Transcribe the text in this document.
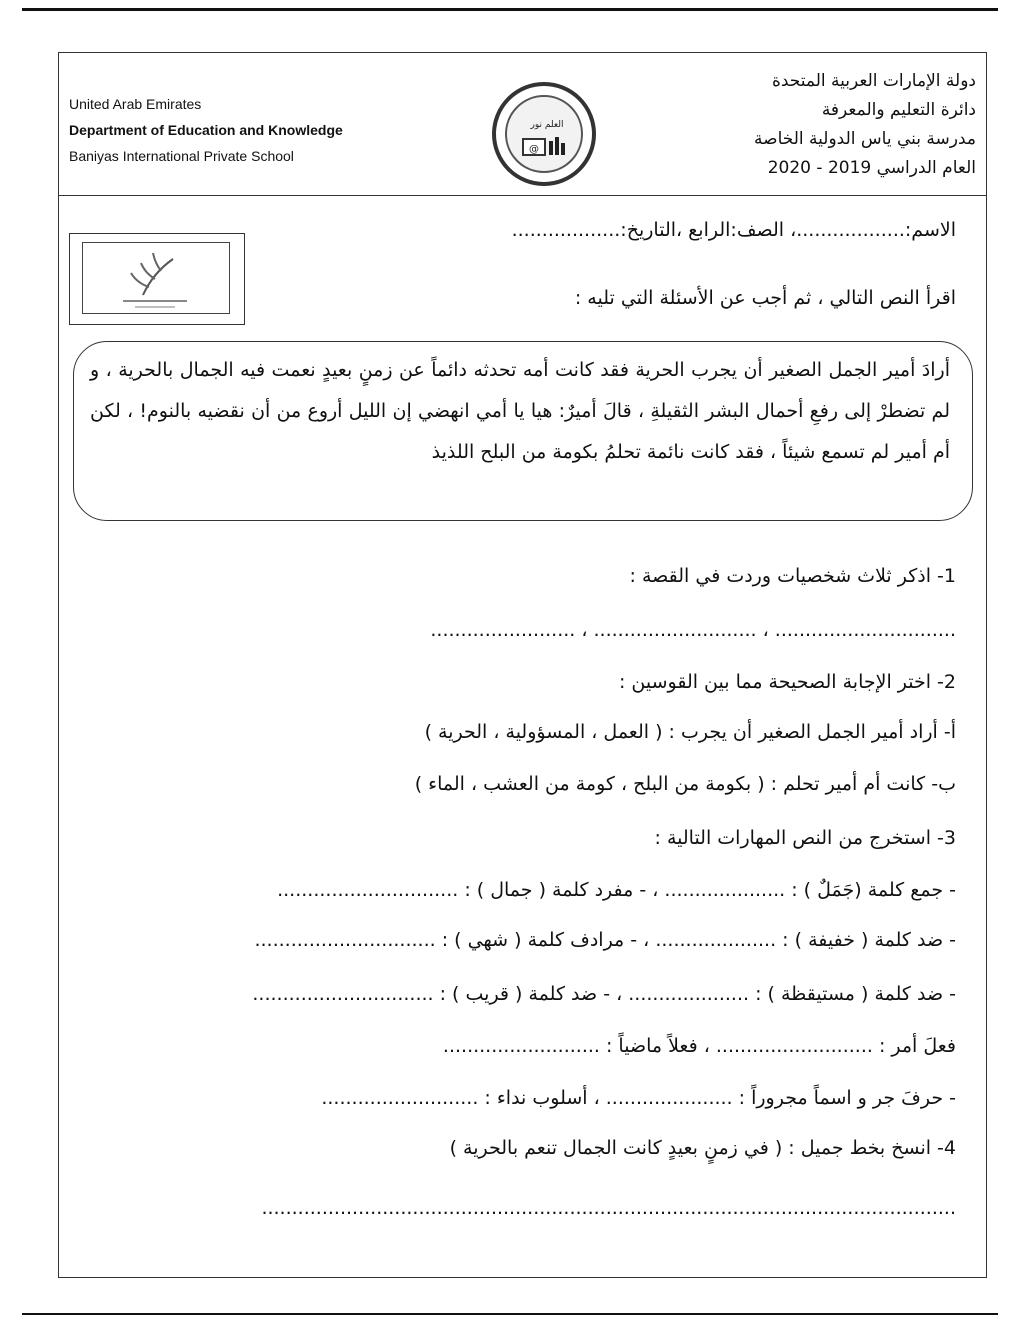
United Arab Emirates
Department of Education and Knowledge
Baniyas International Private School	@
العلم نور
دولة الإمارات العربية المتحدة
دائرة التعليم والمعرفة
مدرسة بني ياس الدولية الخاصة
العام الدراسي 2019 - 2020
الاسم:..................، الصف:الرابع ،التاريخ:..................
اقرأ النص التالي ، ثم أجب عن الأسئلة التي تليه :
أرادَ أمير الجمل الصغير أن يجرب الحرية فقد كانت أمه تحدثه دائماً عن زمنٍ بعيدٍ نعمت فيه الجمال بالحرية ، و لم تضطرْ إلى رفعِ أحمال البشر الثقيلةِ ، قالَ أميرٌ: هيا يا أمي انهضي إن الليل أروع من أن نقضيه بالنوم! ، لكن أم أمير لم تسمع شيئاً ، فقد كانت نائمة تحلمُ بكومة من البلح اللذيذ
1- اذكر ثلاث شخصيات وردت في القصة :
.............................. ، ........................... ، ........................
2- اختر الإجابة الصحيحة مما بين القوسين :
أ- أراد أمير الجمل الصغير أن يجرب : ( العمل ، المسؤولية ، الحرية )
ب- كانت أم أمير تحلم : ( بكومة من البلح ، كومة من العشب ، الماء )
3- استخرج من النص المهارات التالية :
- جمع كلمة (جَمَلٌ ) : .................... ، - مفرد كلمة ( جمال ) : ..............................
- ضد كلمة ( خفيفة ) : .................... ، - مرادف كلمة ( شهي ) : ..............................
- ضد كلمة ( مستيقظة ) : .................... ، - ضد كلمة ( قريب ) : ..............................
فعلَ أمر : .......................... ، فعلاً ماضياً : ..........................
- حرفَ جر و اسماً مجروراً : ..................... ، أسلوب نداء : ..........................
4- انسخ بخط جميل : ( في زمنٍ بعيدٍ كانت الجمال تنعم بالحرية )
...................................................................................................................
